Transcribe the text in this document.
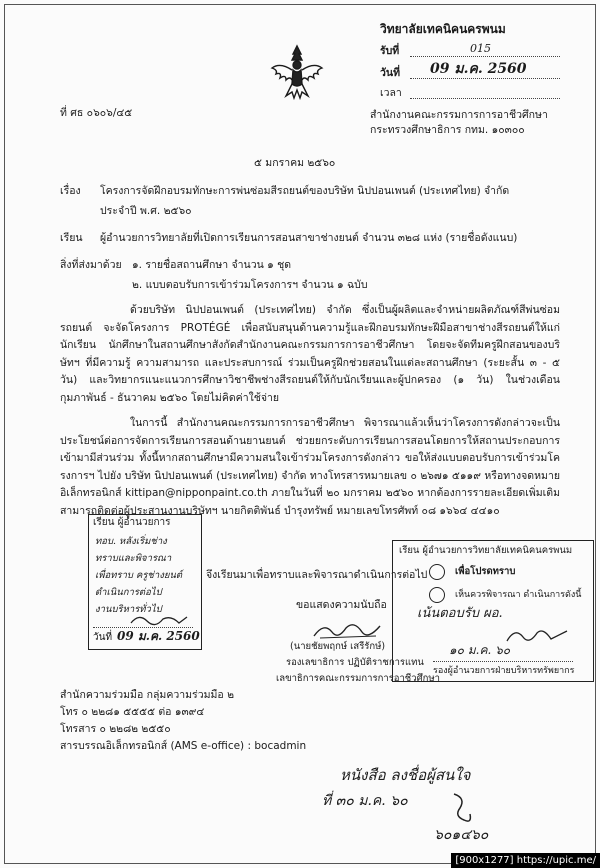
วิทยาลัยเทคนิคนครพนม
รับที่	015
วันที่ 09 ม.ค. 2560
เวลา
ที่ ศธ ๐๖๐๖/๔๕	สำนักงานคณะกรรมการการอาชีวศึกษา
กระทรวงศึกษาธิการ กทม. ๑๐๓๐๐
๕ มกราคม ๒๕๖๐
เรื่อง โครงการจัดฝึกอบรมทักษะการพ่นซ่อมสีรถยนต์ของบริษัท นิปปอนเพนต์ (ประเทศไทย) จำกัด
ประจำปี พ.ศ. ๒๕๖๐
เรียน ผู้อำนวยการวิทยาลัยที่เปิดการเรียนการสอนสาขาช่างยนต์ จำนวน ๓๒๘ แห่ง (รายชื่อดังแนบ)
สิ่งที่ส่งมาด้วย ๑. รายชื่อสถานศึกษา จำนวน ๑ ชุด
๒. แบบตอบรับการเข้าร่วมโครงการฯ จำนวน ๑ ฉบับ
ด้วยบริษัท นิปปอนเพนต์ (ประเทศไทย) จำกัด ซึ่งเป็นผู้ผลิตและจำหน่ายผลิตภัณฑ์สีพ่นซ่อมรถยนต์ จะจัดโครงการ PROTÉGÉ เพื่อสนับสนุนด้านความรู้และฝึกอบรมทักษะฝีมือสาขาช่างสีรถยนต์ให้แก่นักเรียน นักศึกษาในสถานศึกษาสังกัดสำนักงานคณะกรรมการการอาชีวศึกษา โดยจะจัดทีมครูฝึกสอนของบริษัทฯ ที่มีความรู้ ความสามารถ และประสบการณ์ ร่วมเป็นครูฝึกช่วยสอนในแต่ละสถานศึกษา (ระยะสั้น ๓ - ๕ วัน) และวิทยากรแนะแนวการศึกษาวิชาชีพช่างสีรถยนต์ให้กับนักเรียนและผู้ปกครอง (๑ วัน) ในช่วงเดือนกุมภาพันธ์ - ธันวาคม ๒๕๖๐ โดยไม่คิดค่าใช้จ่าย
ในการนี้ สำนักงานคณะกรรมการการอาชีวศึกษา พิจารณาแล้วเห็นว่าโครงการดังกล่าวจะเป็นประโยชน์ต่อการจัดการเรียนการสอนด้านยานยนต์ ช่วยยกระดับการเรียนการสอนโดยการให้สถานประกอบการเข้ามามีส่วนร่วม ทั้งนี้หากสถานศึกษามีความสนใจเข้าร่วมโครงการดังกล่าว ขอให้ส่งแบบตอบรับการเข้าร่วมโครงการฯ ไปยัง บริษัท นิปปอนเพนต์ (ประเทศไทย) จำกัด ทางโทรสารหมายเลข ๐ ๒๖๗๑ ๕๑๑๙ หรือทางจดหมายอิเล็กทรอนิกส์ kittipan@nipponpaint.co.th ภายในวันที่ ๒๐ มกราคม ๒๕๖๐ หากต้องการรายละเอียดเพิ่มเติมสามารถติดต่อผู้ประสานงานบริษัทฯ นายกิตติพันธ์ บำรุงทรัพย์ หมายเลขโทรศัพท์ ๐๘ ๑๖๖๔ ๔๔๑๐
เรียน ผู้อำนวยการ
ทอบ. หลังเริ่มช่าง
ทราบและพิจารณา
เพื่อทราบ ครูช่างยนต์
ดำเนินการต่อไป
งานบริหารทั่วไป
วันที่ 09 ม.ค. 2560
จึงเรียนมาเพื่อทราบและพิจารณาดำเนินการต่อไป
ขอแสดงความนับถือ
(นายชัยพฤกษ์ เสรีรักษ์)
รองเลขาธิการ ปฏิบัติราชการแทน
เลขาธิการคณะกรรมการการอาชีวศึกษา
เรียน ผู้อำนวยการวิทยาลัยเทคนิคนครพนม
เพื่อโปรดทราบ
เห็นควรพิจารณา ดำเนินการดังนี้
เน้นตอบรับ ผอ.
๑๐ ม.ค. ๖๐
รองผู้อำนวยการฝ่ายบริหารทรัพยากร
สำนักความร่วมมือ กลุ่มความร่วมมือ ๒
โทร ๐ ๒๒๘๑ ๕๕๕๕ ต่อ ๑๓๙๔
โทรสาร ๐ ๒๒๘๒ ๒๕๕๐
สารบรรณอิเล็กทรอนิกส์ (AMS e-office) : bocadmin
หนังสือ ลงชื่อผู้สนใจ
ที่ ๓๐ ม.ค. ๖๐
๖๐๑๔๖๐
[900x1277] https://upic.me/
